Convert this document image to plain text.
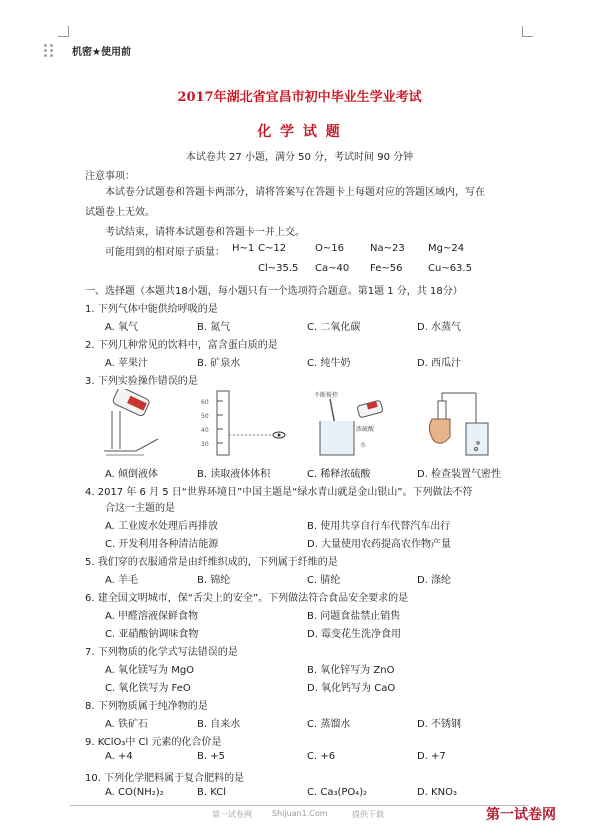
机密★使用前
2017年湖北省宜昌市初中毕业生学业考试
化 学 试 题
本试卷共 27 小题，满分 50 分，考试时间 90 分钟
注意事项：
本试卷分试题卷和答题卡两部分，请将答案写在答题卡上每题对应的答题区域内，写在
试题卷上无效。
考试结束，请将本试题卷和答题卡一并上交。
可能用到的相对原子质量： H~1 C~12	O~16	Na~23 Mg~24
Cl~35.5 Ca~40 Fe~56	Cu~63.5
一、选择题（本题共18小题，每小题只有一个选项符合题意。第1题 1 分，共 18分）
1. 下列气体中能供给呼吸的是
A. 氧气	B. 氮气	C. 二氧化碳	D. 水蒸气
2. 下列几种常见的饮料中，富含蛋白质的是
A. 苹果汁	B. 矿泉水	C. 纯牛奶	D. 西瓜汁
3. 下列实验操作错误的是
60
50
40
30
不断搅拌
浓硫酸
水
A. 倾倒液体	B. 读取液体体积	C. 稀释浓硫酸	D. 检查装置气密性
4. 2017 年 6 月 5 日“世界环境日”中国主题是“绿水青山就是金山银山”。下列做法不符
合这一主题的是
A. 工业废水处理后再排放	B. 使用共享自行车代替汽车出行
C. 开发利用各种清洁能源	D. 大量使用农药提高农作物产量
5. 我们穿的衣服通常是由纤维织成的，下列属于纤维的是
A. 羊毛	B. 锦纶	C. 腈纶	D. 涤纶
6. 建全国文明城市，保“舌尖上的安全”。下列做法符合食品安全要求的是
A. 甲醛溶液保鲜食物	B. 问题食盐禁止销售
C. 亚硝酸钠调味食物	D. 霉变花生洗净食用
7. 下列物质的化学式写法错误的是
A. 氧化镁写为 MgO	B. 氧化锌写为 ZnO
C. 氧化铁写为 FeO	D. 氧化钙写为 CaO
8. 下列物质属于纯净物的是
A. 铁矿石	B. 自来水	C. 蒸馏水	D. 不锈钢
9. KClO₃中 Cl 元素的化合价是
A. +4	B. +5	C. +6	D. +7
10. 下列化学肥料属于复合肥料的是
A. CO(NH₂)₂	B. KCl	C. Ca₃(PO₄)₂	D. KNO₃
第一试卷网	Shijuan1.Com	提供下载	第一试卷网
